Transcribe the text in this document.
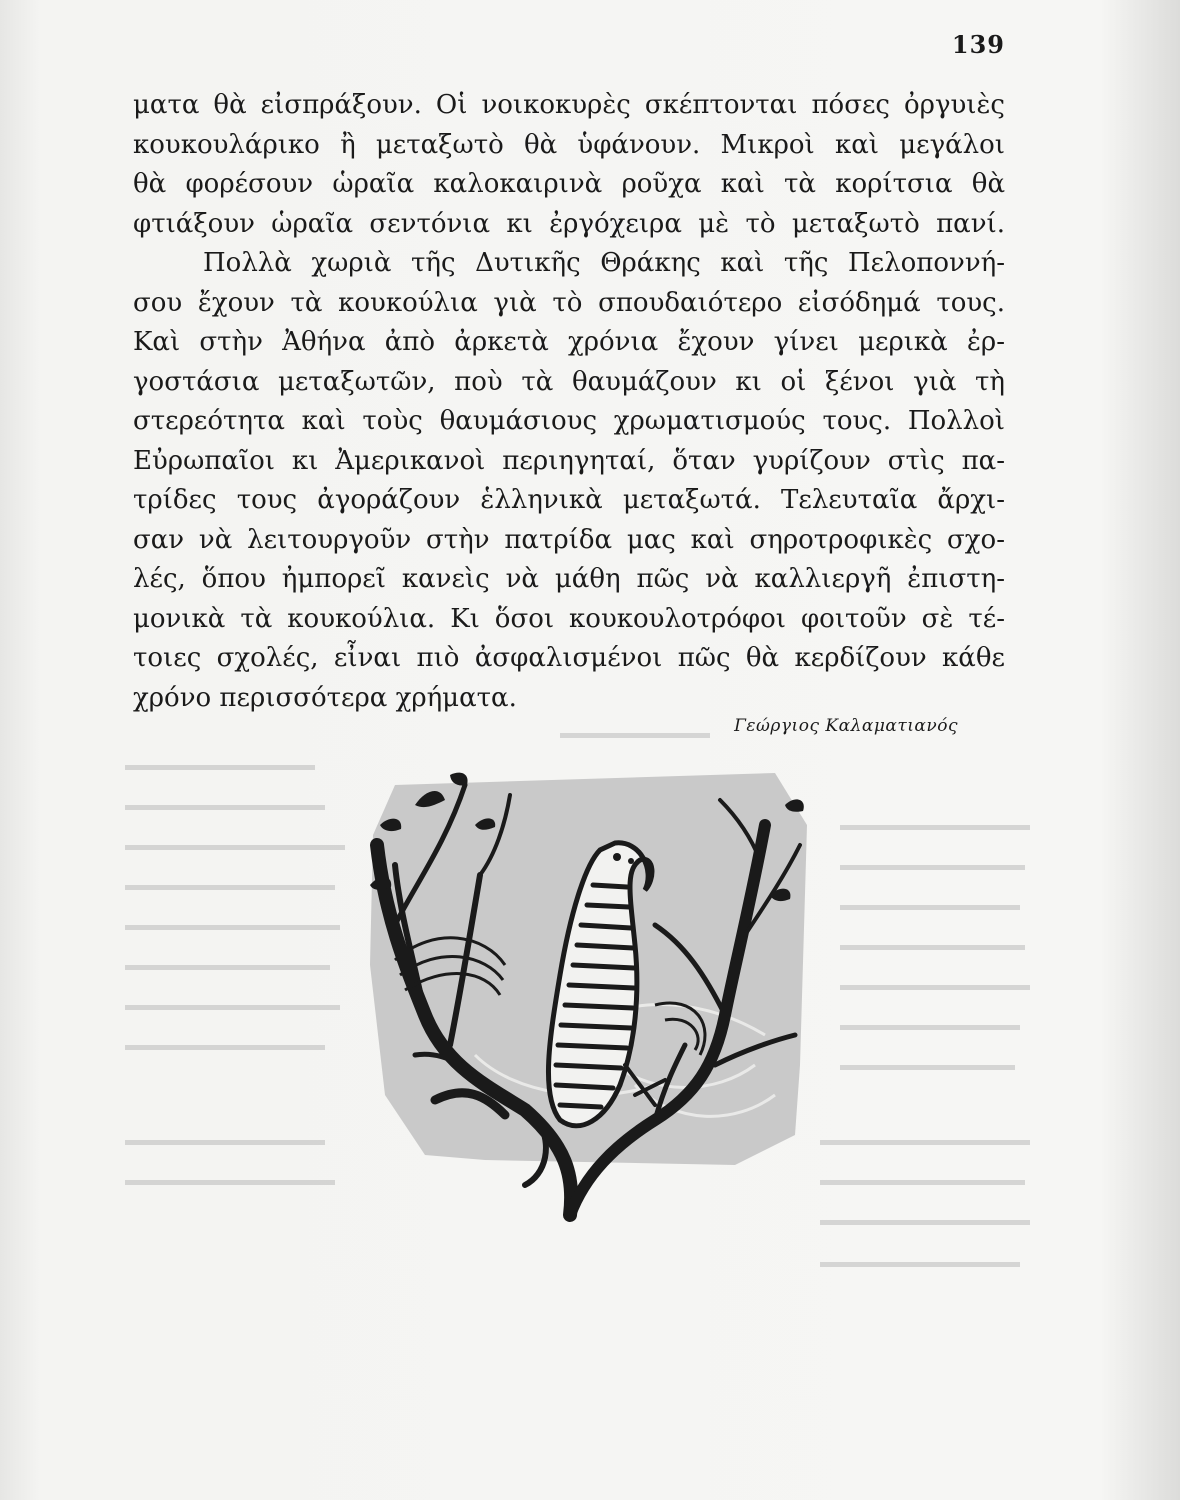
139
ματα θὰ εἰσπράξουν. Οἱ νοικοκυρὲς σκέπτονται πόσες ὀργυιὲς
κουκουλάρικο ἢ μεταξωτὸ θὰ ὑφάνουν. Μικροὶ καὶ μεγάλοι
θὰ φορέσουν ὡραῖα καλοκαιρινὰ ροῦχα καὶ τὰ κορίτσια θὰ
φτιάξουν ὡραῖα σεντόνια κι ἐργόχειρα μὲ τὸ μεταξωτὸ πανί.
Πολλὰ χωριὰ τῆς Δυτικῆς Θράκης καὶ τῆς Πελοποννή-
σου ἔχουν τὰ κουκούλια γιὰ τὸ σπουδαιότερο εἰσόδημά τους.
Καὶ στὴν Ἀθήνα ἀπὸ ἀρκετὰ χρόνια ἔχουν γίνει μερικὰ ἐρ-
γοστάσια μεταξωτῶν, ποὺ τὰ θαυμάζουν κι οἱ ξένοι γιὰ τὴ
στερεότητα καὶ τοὺς θαυμάσιους χρωματισμούς τους. Πολλοὶ
Εὐρωπαῖοι κι Ἀμερικανοὶ περιηγηταί, ὅταν γυρίζουν στὶς πα-
τρίδες τους ἀγοράζουν ἑλληνικὰ μεταξωτά. Τελευταῖα ἄρχι-
σαν νὰ λειτουργοῦν στὴν πατρίδα μας καὶ σηροτροφικὲς σχο-
λές, ὅπου ἠμπορεῖ κανεὶς νὰ μάθη πῶς νὰ καλλιεργῆ ἐπιστη-
μονικὰ τὰ κουκούλια. Κι ὅσοι κουκουλοτρόφοι φοιτοῦν σὲ τέ-
τοιες σχολές, εἶναι πιὸ ἀσφαλισμένοι πῶς θὰ κερδίζουν κάθε
χρόνο περισσότερα χρήματα.
Γεώργιος Καλαματιανός
